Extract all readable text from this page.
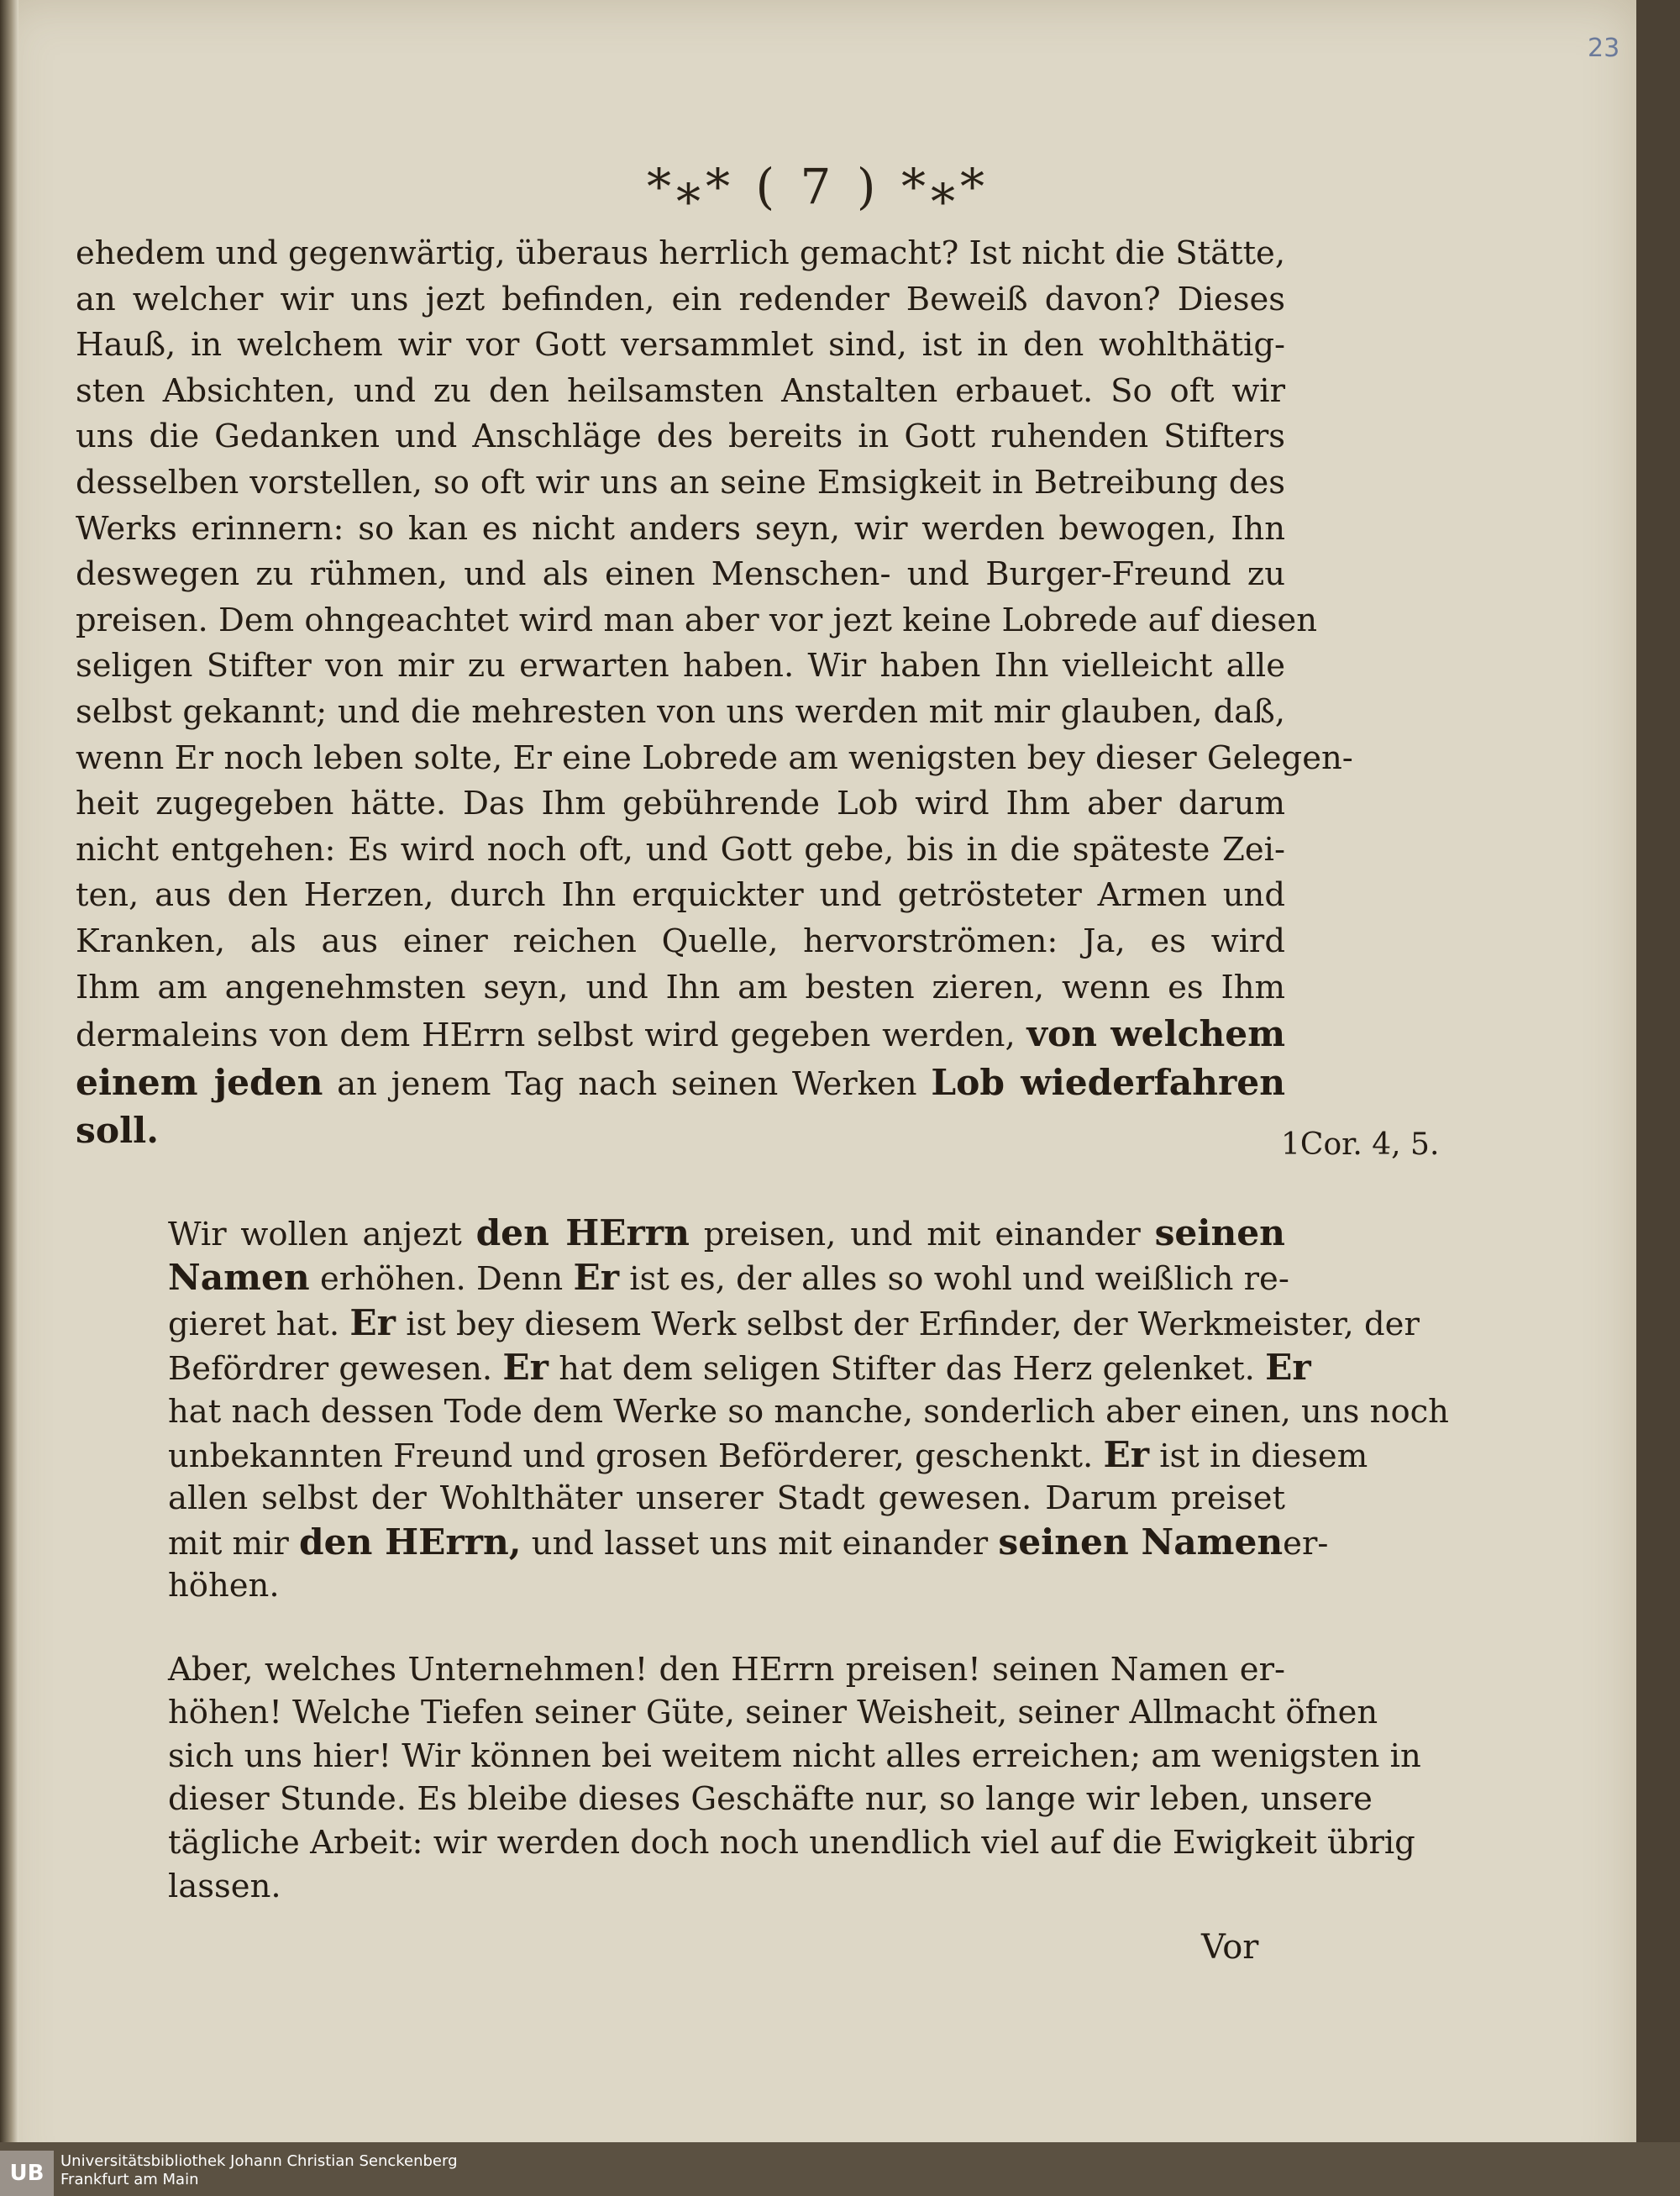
23
*⁎* ( 7 ) *⁎*

ehedem und gegenwärtig, überaus herrlich gemacht? Ist nicht die Stätte,
an welcher wir uns jezt befinden, ein redender Beweiß davon? Dieses
Hauß, in welchem wir vor Gott versammlet sind, ist in den wohlthätig-
sten Absichten, und zu den heilsamsten Anstalten erbauet. So oft wir
uns die Gedanken und Anschläge des bereits in Gott ruhenden Stifters
desselben vorstellen, so oft wir uns an seine Emsigkeit in Betreibung des
Werks erinnern: so kan es nicht anders seyn, wir werden bewogen, Ihn
deswegen zu rühmen, und als einen Menschen- und Burger-Freund zu
preisen. Dem ohngeachtet wird man aber vor jezt keine Lobrede auf diesen
seligen Stifter von mir zu erwarten haben. Wir haben Ihn vielleicht alle
selbst gekannt; und die mehresten von uns werden mit mir glauben, daß,
wenn Er noch leben solte, Er eine Lobrede am wenigsten bey dieser Gelegen-
heit zugegeben hätte. Das Ihm gebührende Lob wird Ihm aber darum
nicht entgehen: Es wird noch oft, und Gott gebe, bis in die späteste Zei-
ten, aus den Herzen, durch Ihn erquickter und getrösteter Armen und
Kranken, als aus einer reichen Quelle, hervorströmen: Ja, es wird
Ihm am angenehmsten seyn, und Ihn am besten zieren, wenn es Ihm
dermaleins von dem HErrn selbst wird gegeben werden, von welchem
einem jeden an jenem Tag nach seinen Werken Lob wiederfahren
soll.

Wir wollen anjezt den HErrn preisen, und mit einander seinen
Namen erhöhen. Denn Er ist es, der alles so wohl und weißlich re-
gieret hat. Er ist bey diesem Werk selbst der Erfinder, der Werkmeister, der
Befördrer gewesen. Er hat dem seligen Stifter das Herz gelenket. Er
hat nach dessen Tode dem Werke so manche, sonderlich aber einen, uns noch
unbekannten Freund und grosen Beförderer, geschenkt. Er ist in diesem
allen selbst der Wohlthäter unserer Stadt gewesen. Darum preiset
mit mir den HErrn, und lasset uns mit einander seinen Namener-
höhen.

Aber, welches Unternehmen! den HErrn preisen! seinen Namen er-
höhen! Welche Tiefen seiner Güte, seiner Weisheit, seiner Allmacht öfnen
sich uns hier! Wir können bei weitem nicht alles erreichen; am wenigsten in
dieser Stunde. Es bleibe dieses Geschäfte nur, so lange wir leben, unsere
tägliche Arbeit: wir werden doch noch unendlich viel auf die Ewigkeit übrig
lassen.

1Cor. 4, 5.
Vor
UB	Universitätsbibliothek Johann Christian Senckenberg
Frankfurt am Main
